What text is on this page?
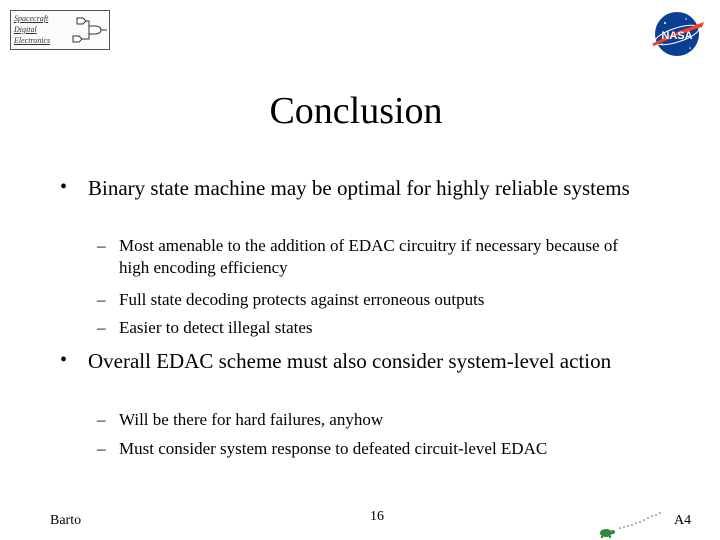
Spacecraft
Digital
Electronics	NASA
Conclusion
• Binary state machine may be optimal for highly reliable systems
– Most amenable to the addition of EDAC circuitry if necessary because of high encoding efficiency
– Full state decoding protects against erroneous outputs
– Easier to detect illegal states
• Overall EDAC scheme must also consider system-level action
– Will be there for hard failures, anyhow
– Must consider system response to defeated circuit-level EDAC
Barto	16	A4
